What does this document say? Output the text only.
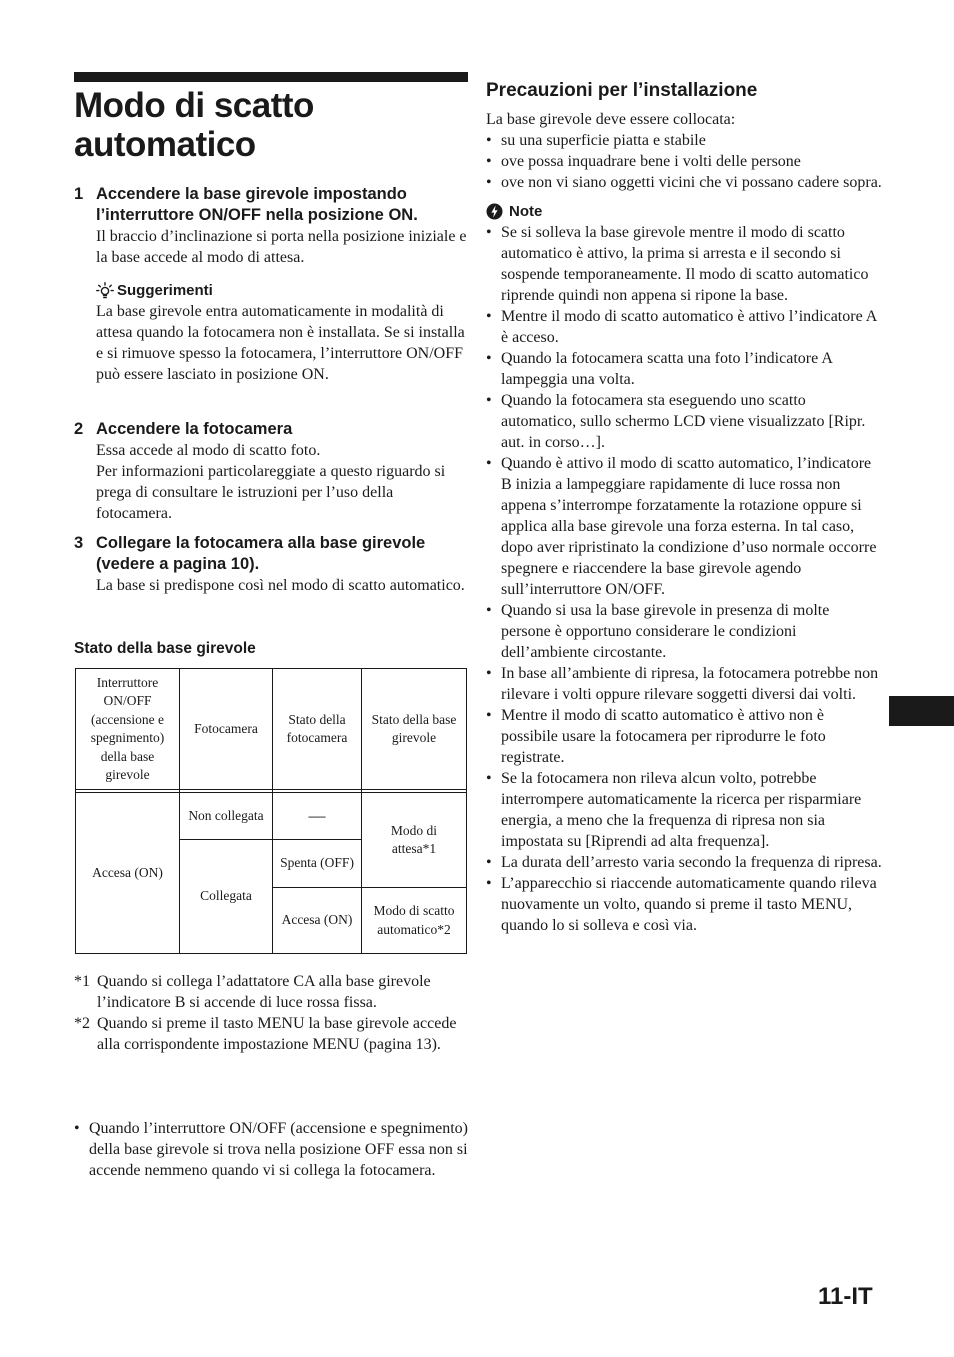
Modo di scatto automatico
1 Accendere la base girevole impostando l’interruttore ON/OFF nella posizione ON.

Il braccio d’inclinazione si porta nella posizione iniziale e la base accede al modo di attesa.

Suggerimenti

La base girevole entra automaticamente in modalità di attesa quando la fotocamera non è installata. Se si installa e si rimuove spesso la fotocamera, l’interruttore ON/OFF può essere lasciato in posizione ON.

2 Accendere la fotocamera

Essa accede al modo di scatto foto.

Per informazioni particolareggiate a questo riguardo si prega di consultare le istruzioni per l’uso della fotocamera.

3 Collegare la fotocamera alla base girevole (vedere a pagina 10).

La base si predispone così nel modo di scatto automatico.

Stato della base girevole
Interruttore ON/OFF (accensione e spegnimento) della base girevole
Fotocamera
Stato della fotocamera
Stato della base girevole
Accesa (ON)
Non collegata
Collegata
—
Spenta (OFF)
Accesa (ON)
Modo di attesa*1
Modo di scatto automatico*2

*1 Quando si collega l’adattatore CA alla base girevole l’indicatore B si accende di luce rossa fissa.

*2 Quando si preme il tasto MENU la base girevole accede alla corrispondente impostazione MENU (pagina 13).

• Quando l’interruttore ON/OFF (accensione e spegnimento) della base girevole si trova nella posizione OFF essa non si accende nemmeno quando vi si collega la fotocamera.
Precauzioni per l’installazione

La base girevole deve essere collocata:

• su una superficie piatta e stabile
• ove possa inquadrare bene i volti delle persone
• ove non vi siano oggetti vicini che vi possano cadere sopra.
Note
• Se si solleva la base girevole mentre il modo di scatto automatico è attivo, la prima si arresta e il secondo si sospende temporaneamente. Il modo di scatto automatico riprende quindi non appena si ripone la base.
• Mentre il modo di scatto automatico è attivo l’indicatore A è acceso.
• Quando la fotocamera scatta una foto l’indicatore A lampeggia una volta.
• Quando la fotocamera sta eseguendo uno scatto automatico, sullo schermo LCD viene visualizzato [Ripr. aut. in corso…].
• Quando è attivo il modo di scatto automatico, l’indicatore B inizia a lampeggiare rapidamente di luce rossa non appena s’interrompe forzatamente la rotazione oppure si applica alla base girevole una forza esterna. In tal caso, dopo aver ripristinato la condizione d’uso normale occorre spegnere e riaccendere la base girevole agendo sull’interruttore ON/OFF.
• Quando si usa la base girevole in presenza di molte persone è opportuno considerare le condizioni dell’ambiente circostante.
• In base all’ambiente di ripresa, la fotocamera potrebbe non rilevare i volti oppure rilevare soggetti diversi dai volti.
• Mentre il modo di scatto automatico è attivo non è possibile usare la fotocamera per riprodurre le foto registrate.
• Se la fotocamera non rileva alcun volto, potrebbe interrompere automaticamente la ricerca per risparmiare energia, a meno che la frequenza di ripresa non sia impostata su [Riprendi ad alta frequenza].
• La durata dell’arresto varia secondo la frequenza di ripresa.
• L’apparecchio si riaccende automaticamente quando rileva nuovamente un volto, quando si preme il tasto MENU, quando lo si solleva e così via.
11-IT
